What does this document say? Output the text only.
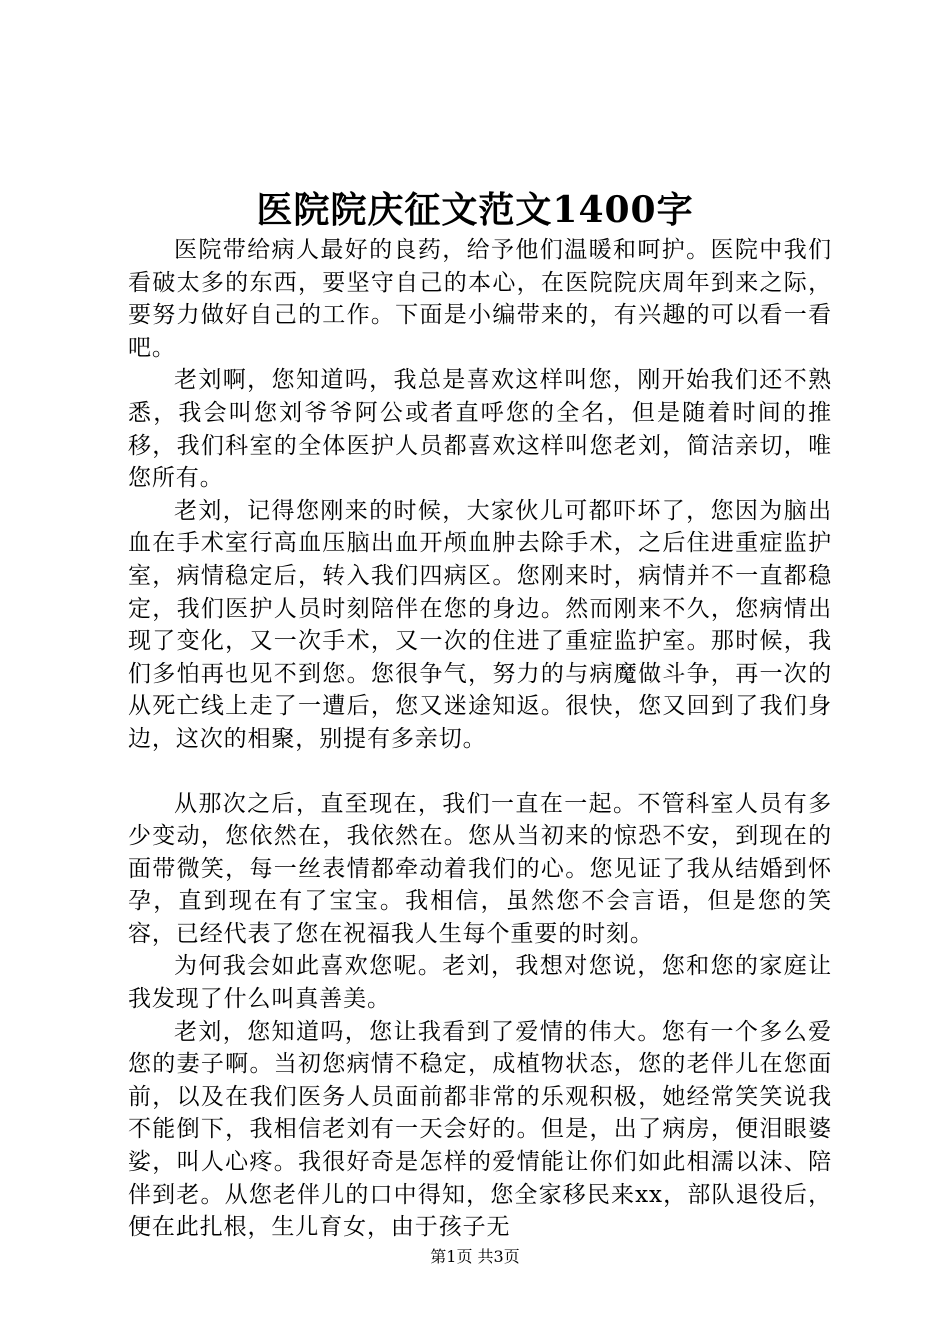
医院院庆征文范文1400字

医院带给病人最好的良药，给予他们温暖和呵护。医院中我们看破太多的东西，要坚守自己的本心，在医院院庆周年到来之际，要努力做好自己的工作。下面是小编带来的，有兴趣的可以看一看吧。

老刘啊，您知道吗，我总是喜欢这样叫您，刚开始我们还不熟悉，我会叫您刘爷爷阿公或者直呼您的全名，但是随着时间的推移，我们科室的全体医护人员都喜欢这样叫您老刘，简洁亲切，唯您所有。

老刘，记得您刚来的时候，大家伙儿可都吓坏了，您因为脑出血在手术室行高血压脑出血开颅血肿去除手术，之后住进重症监护室，病情稳定后，转入我们四病区。您刚来时，病情并不一直都稳定，我们医护人员时刻陪伴在您的身边。然而刚来不久，您病情出现了变化，又一次手术，又一次的住进了重症监护室。那时候，我们多怕再也见不到您。您很争气，努力的与病魔做斗争，再一次的从死亡线上走了一遭后，您又迷途知返。很快，您又回到了我们身边，这次的相聚，别提有多亲切。

从那次之后，直至现在，我们一直在一起。不管科室人员有多少变动，您依然在，我依然在。您从当初来的惊恐不安，到现在的面带微笑，每一丝表情都牵动着我们的心。您见证了我从结婚到怀孕，直到现在有了宝宝。我相信，虽然您不会言语，但是您的笑容，已经代表了您在祝福我人生每个重要的时刻。

为何我会如此喜欢您呢。老刘，我想对您说，您和您的家庭让我发现了什么叫真善美。

老刘，您知道吗，您让我看到了爱情的伟大。您有一个多么爱您的妻子啊。当初您病情不稳定，成植物状态，您的老伴儿在您面前，以及在我们医务人员面前都非常的乐观积极，她经常笑笑说我不能倒下，我相信老刘有一天会好的。但是，出了病房，便泪眼婆娑，叫人心疼。我很好奇是怎样的爱情能让你们如此相濡以沫、陪伴到老。从您老伴儿的口中得知，您全家移民来xx，部队退役后，便在此扎根，生儿育女，由于孩子无

第1页 共3页
